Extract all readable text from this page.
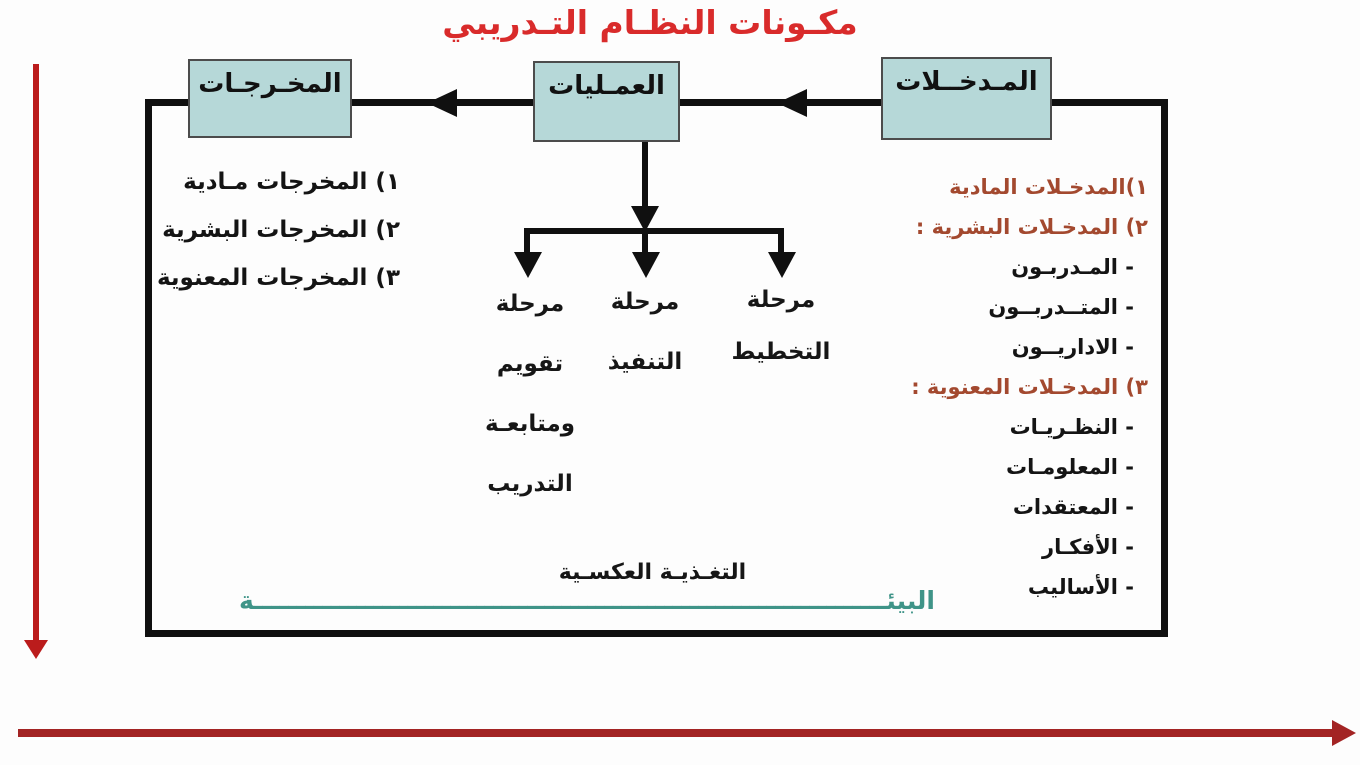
مكـونات النظـام التـدريبي
المـدخــلات
العمـليات
المخـرجـات
مرحلة
التخطيط
مرحلة
التنفيذ
مرحلة
تقويم
ومتابعـة
التدريب
١) المخرجات مـادية
٢) المخرجات البشرية
٣) المخرجات المعنوية
١)المدخـلات المادية
٢) المدخـلات البشرية :
- المـدربـون
- المتــدربــون
- الاداريــون
٣) المدخـلات المعنوية :
- النظـريـات
- المعلومـات
- المعتقدات
- الأفكـار
- الأساليب
التغـذيـة العكسـية
البيئــــــــــــــــــــــــــــــــــــــــــــــــــــــــــــــــــــــــــة
